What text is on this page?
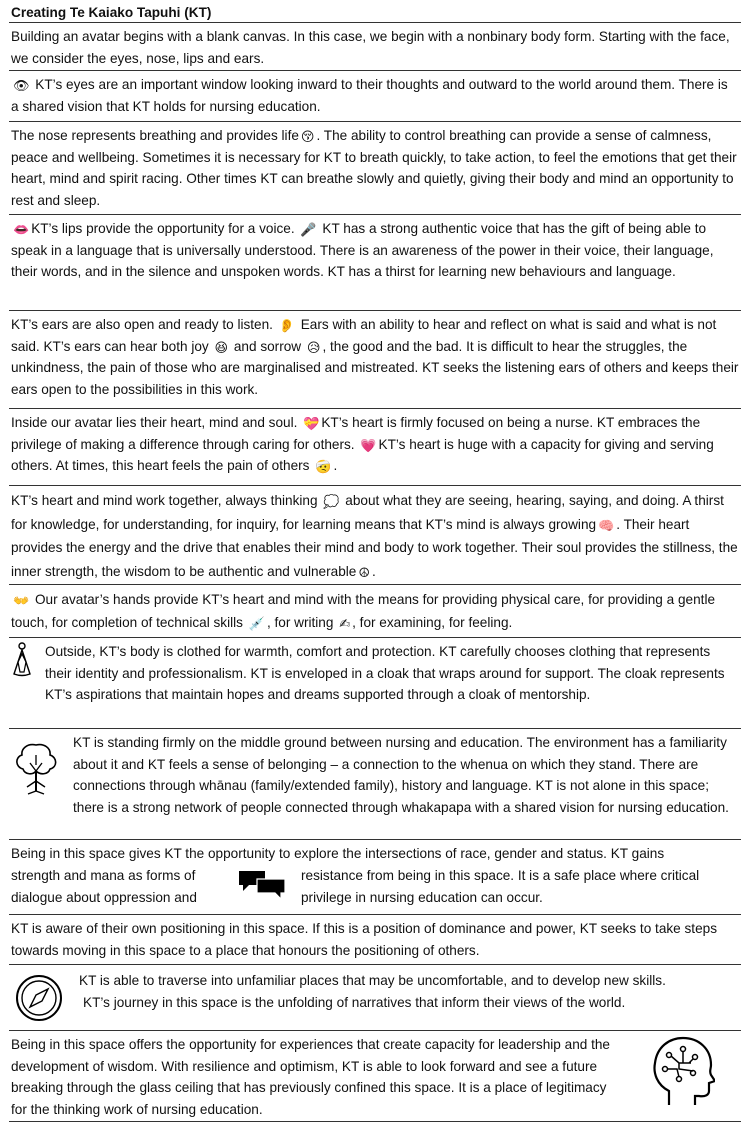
Creating Te Kaiako Tapuhi (KT)

Building an avatar begins with a blank canvas. In this case, we begin with a nonbinary body form. Starting with the face, we consider the eyes, nose, lips and ears.

👁 KT’s eyes are an important window looking inward to their thoughts and outward to the world around them. There is a shared vision that KT holds for nursing education.

The nose represents breathing and provides life 😚 . The ability to control breathing can provide a sense of calmness, peace and wellbeing. Sometimes it is necessary for KT to breath quickly, to take action, to feel the emotions that get their heart, mind and spirit racing. Other times KT can breathe slowly and quietly, giving their body and mind an opportunity to rest and sleep.

👄 KT’s lips provide the opportunity for a voice. 🎤 KT has a strong authentic voice that has the gift of being able to speak in a language that is universally understood. There is an awareness of the power in their voice, their language, their words, and in the silence and unspoken words. KT has a thirst for learning new behaviours and language.

KT’s ears are also open and ready to listen. 👂 Ears with an ability to hear and reflect on what is said and what is not said. KT’s ears can hear both joy 😆 and sorrow 😥 , the good and the bad. It is difficult to hear the struggles, the unkindness, the pain of those who are marginalised and mistreated. KT seeks the listening ears of others and keeps their ears open to the possibilities in this work.

Inside our avatar lies their heart, mind and soul. 💝 KT’s heart is firmly focused on being a nurse. KT embraces the privilege of making a difference through caring for others. 💗 KT’s heart is huge with a capacity for giving and serving others. At times, this heart feels the pain of others 🤕 .

KT’s heart and mind work together, always thinking 💭 about what they are seeing, hearing, saying, and doing. A thirst for knowledge, for understanding, for inquiry, for learning means that KT’s mind is always growing 🧠 . Their heart provides the energy and the drive that enables their mind and body to work together. Their soul provides the stillness, the inner strength, the wisdom to be authentic and vulnerable ☮ .

👐 Our avatar’s hands provide KT’s heart and mind with the means for providing physical care, for providing a gentle touch, for completion of technical skills 💉 , for writing ✍ , for examining, for feeling.

Outside, KT’s body is clothed for warmth, comfort and protection. KT carefully chooses clothing that represents their identity and professionalism. KT is enveloped in a cloak that wraps around for support. The cloak represents KT’s aspirations that maintain hopes and dreams supported through a cloak of mentorship.

KT is standing firmly on the middle ground between nursing and education. The environment has a familiarity about it and KT feels a sense of belonging – a connection to the whenua on which they stand. There are connections through whānau (family/extended family), history and language. KT is not alone in this space; there is a strong network of people connected through whakapapa with a shared vision for nursing education.

Being in this space gives KT the opportunity to explore the intersections of race, gender and status. KT gains

strength and mana as forms of
dialogue about oppression and
resistance from being in this space. It is a safe place where critical
privilege in nursing education can occur.

KT is aware of their own positioning in this space. If this is a position of dominance and power, KT seeks to take steps towards moving in this space to a place that honours the positioning of others.

KT is able to traverse into unfamiliar places that may be uncomfortable, and to develop new skills.

KT’s journey in this space is the unfolding of narratives that inform their views of the world.

Being in this space offers the opportunity for experiences that create capacity for leadership and the development of wisdom. With resilience and optimism, KT is able to look forward and see a future breaking through the glass ceiling that has previously confined this space. It is a place of legitimacy for the thinking work of nursing education.
